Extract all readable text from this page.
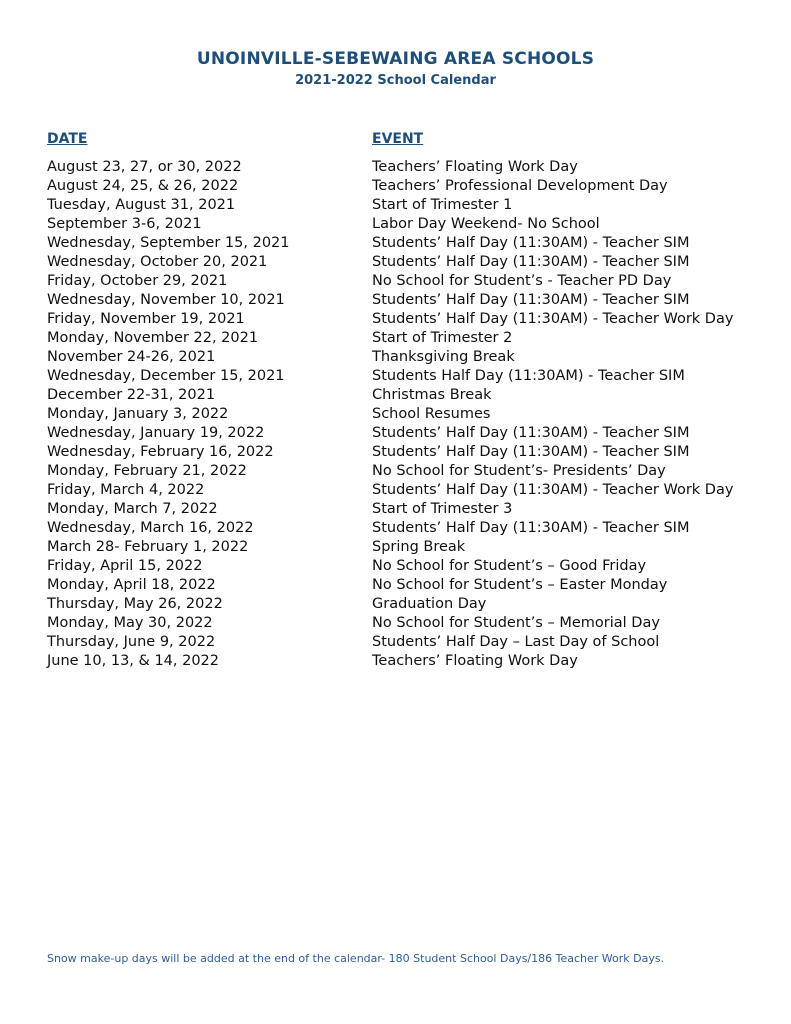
UNOINVILLE-SEBEWAING AREA SCHOOLS
2021-2022 School Calendar
DATE	EVENT
August 23, 27, or 30, 2022	Teachers’ Floating Work Day
August 24, 25, & 26, 2022	Teachers’ Professional Development Day
Tuesday, August 31, 2021	Start of Trimester 1
September 3-6, 2021	Labor Day Weekend- No School
Wednesday, September 15, 2021	Students’ Half Day (11:30AM) - Teacher SIM
Wednesday, October 20, 2021	Students’ Half Day (11:30AM) - Teacher SIM
Friday, October 29, 2021	No School for Student’s - Teacher PD Day
Wednesday, November 10, 2021	Students’ Half Day (11:30AM) - Teacher SIM
Friday, November 19, 2021	Students’ Half Day (11:30AM) - Teacher Work Day
Monday, November 22, 2021	Start of Trimester 2
November 24-26, 2021	Thanksgiving Break
Wednesday, December 15, 2021	Students Half Day (11:30AM) - Teacher SIM
December 22-31, 2021	Christmas Break
Monday, January 3, 2022	School Resumes
Wednesday, January 19, 2022	Students’ Half Day (11:30AM) - Teacher SIM
Wednesday, February 16, 2022	Students’ Half Day (11:30AM) - Teacher SIM
Monday, February 21, 2022	No School for Student’s- Presidents’ Day
Friday, March 4, 2022	Students’ Half Day (11:30AM) - Teacher Work Day
Monday, March 7, 2022	Start of Trimester 3
Wednesday, March 16, 2022	Students’ Half Day (11:30AM) - Teacher SIM
March 28- February 1, 2022	Spring Break
Friday, April 15, 2022	No School for Student’s – Good Friday
Monday, April 18, 2022	No School for Student’s – Easter Monday
Thursday, May 26, 2022	Graduation Day
Monday, May 30, 2022	No School for Student’s – Memorial Day
Thursday, June 9, 2022	Students’ Half Day – Last Day of School
June 10, 13, & 14, 2022	Teachers’ Floating Work Day
Snow make-up days will be added at the end of the calendar- 180 Student School Days/186 Teacher Work Days.
